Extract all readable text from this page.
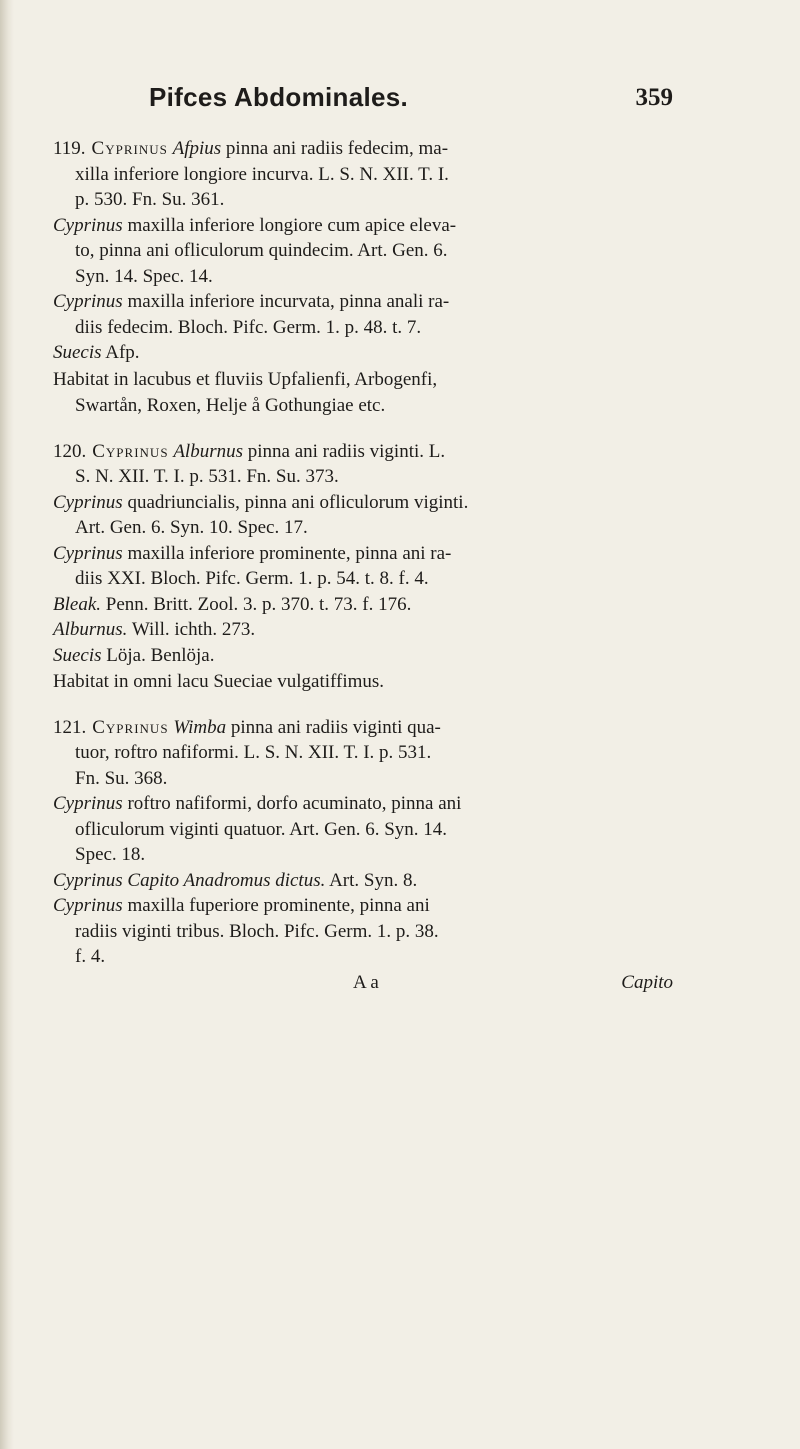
Pifces Abdominales.	359
119. Cyprinus Afpius pinna ani radiis fedecim, ma-
xilla inferiore longiore incurva. L. S. N. XII. T. I.
p. 530. Fn. Su. 361.
Cyprinus maxilla inferiore longiore cum apice eleva-
to, pinna ani ofliculorum quindecim. Art. Gen. 6.
Syn. 14. Spec. 14.
Cyprinus maxilla inferiore incurvata, pinna anali ra-
diis fedecim. Bloch. Pifc. Germ. 1. p. 48. t. 7.
Suecis Afp.
Habitat in lacubus et fluviis Upfalienfi, Arbogenfi,
Swartån, Roxen, Helje å Gothungiae etc.
120. Cyprinus Alburnus pinna ani radiis viginti. L.
S. N. XII. T. I. p. 531. Fn. Su. 373.
Cyprinus quadriuncialis, pinna ani ofliculorum viginti.
Art. Gen. 6. Syn. 10. Spec. 17.
Cyprinus maxilla inferiore prominente, pinna ani ra-
diis XXI. Bloch. Pifc. Germ. 1. p. 54. t. 8. f. 4.
Bleak. Penn. Britt. Zool. 3. p. 370. t. 73. f. 176.
Alburnus. Will. ichth. 273.
Suecis Löja. Benlöja.
Habitat in omni lacu Sueciae vulgatiffimus.
121. Cyprinus Wimba pinna ani radiis viginti qua-
tuor, roftro nafiformi. L. S. N. XII. T. I. p. 531.
Fn. Su. 368.
Cyprinus roftro nafiformi, dorfo acuminato, pinna ani
ofliculorum viginti quatuor. Art. Gen. 6. Syn. 14.
Spec. 18.
Cyprinus Capito Anadromus dictus. Art. Syn. 8.
Cyprinus maxilla fuperiore prominente, pinna ani
radiis viginti tribus. Bloch. Pifc. Germ. 1. p. 38.
f. 4.
A a	Capito
